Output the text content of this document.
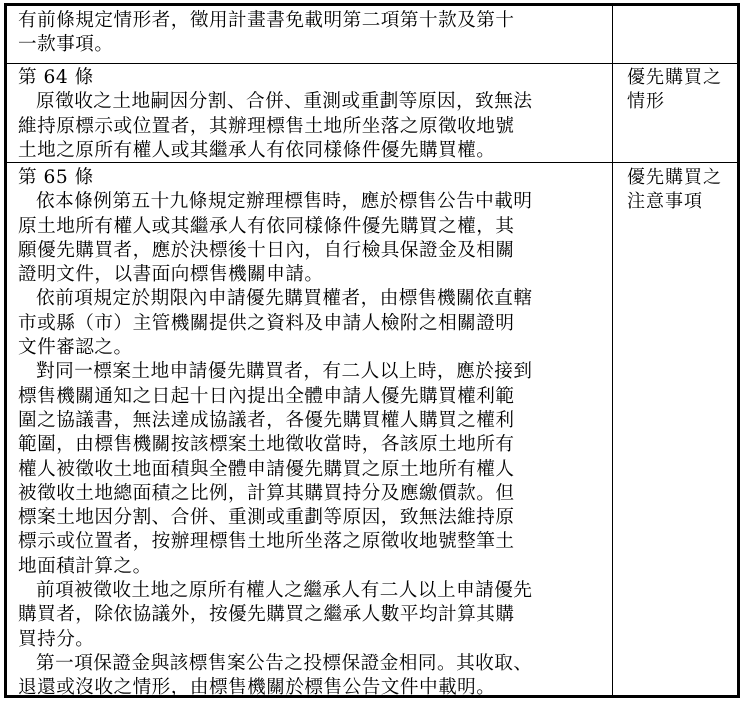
有前條規定情形者，徵用計畫書免載明第二項第十款及第十
一款事項。
第 64 條
原徵收之土地嗣因分割、合併、重測或重劃等原因，致無法
維持原標示或位置者，其辦理標售土地所坐落之原徵收地號
土地之原所有權人或其繼承人有依同樣條件優先購買權。
優先購買之
情形
第 65 條
依本條例第五十九條規定辦理標售時，應於標售公告中載明
原土地所有權人或其繼承人有依同樣條件優先購買之權，其
願優先購買者，應於決標後十日內，自行檢具保證金及相關
證明文件，以書面向標售機關申請。
依前項規定於期限內申請優先購買權者，由標售機關依直轄
市或縣（市）主管機關提供之資料及申請人檢附之相關證明
文件審認之。
對同一標案土地申請優先購買者，有二人以上時，應於接到
標售機關通知之日起十日內提出全體申請人優先購買權利範
圍之協議書，無法達成協議者，各優先購買權人購買之權利
範圍，由標售機關按該標案土地徵收當時，各該原土地所有
權人被徵收土地面積與全體申請優先購買之原土地所有權人
被徵收土地總面積之比例，計算其購買持分及應繳價款。但
標案土地因分割、合併、重測或重劃等原因，致無法維持原
標示或位置者，按辦理標售土地所坐落之原徵收地號整筆土
地面積計算之。
前項被徵收土地之原所有權人之繼承人有二人以上申請優先
購買者，除依協議外，按優先購買之繼承人數平均計算其購
買持分。
第一項保證金與該標售案公告之投標保證金相同。其收取、
退還或沒收之情形，由標售機關於標售公告文件中載明。
優先購買之
注意事項
